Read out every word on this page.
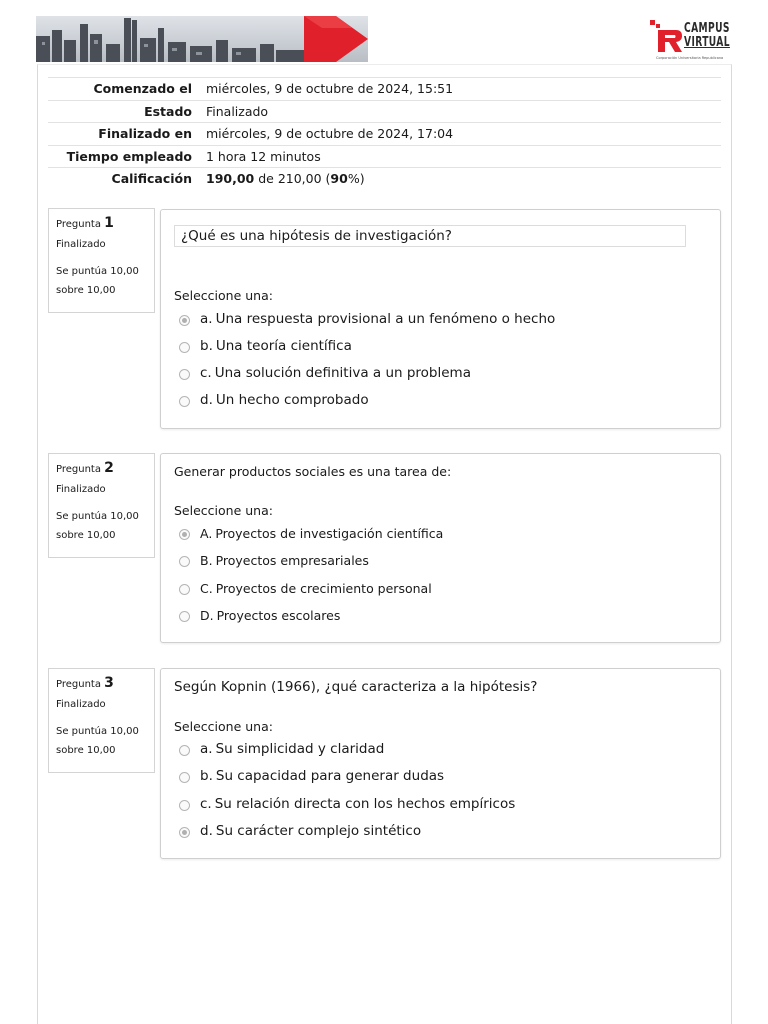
CAMPUS
VIRTUAL
Corporación Universitaria Republicana
Comenzado el	miércoles, 9 de octubre de 2024, 15:51
Estado	Finalizado
Finalizado en	miércoles, 9 de octubre de 2024, 17:04
Tiempo empleado	1 hora 12 minutos
Calificación	190,00 de 210,00 (90%)
Pregunta 1
Finalizado
Se puntúa 10,00
sobre 10,00
¿Qué es una hipótesis de investigación?
Seleccione una:
a. Una respuesta provisional a un fenómeno o hecho
b. Una teoría científica
c. Una solución definitiva a un problema
d. Un hecho comprobado
Pregunta 2
Finalizado
Se puntúa 10,00
sobre 10,00
Generar productos sociales es una tarea de:
Seleccione una:
A. Proyectos de investigación científica
B. Proyectos empresariales
C. Proyectos de crecimiento personal
D. Proyectos escolares
Pregunta 3
Finalizado
Se puntúa 10,00
sobre 10,00
Según Kopnin (1966), ¿qué caracteriza a la hipótesis?
Seleccione una:
a. Su simplicidad y claridad
b. Su capacidad para generar dudas
c. Su relación directa con los hechos empíricos
d. Su carácter complejo sintético
